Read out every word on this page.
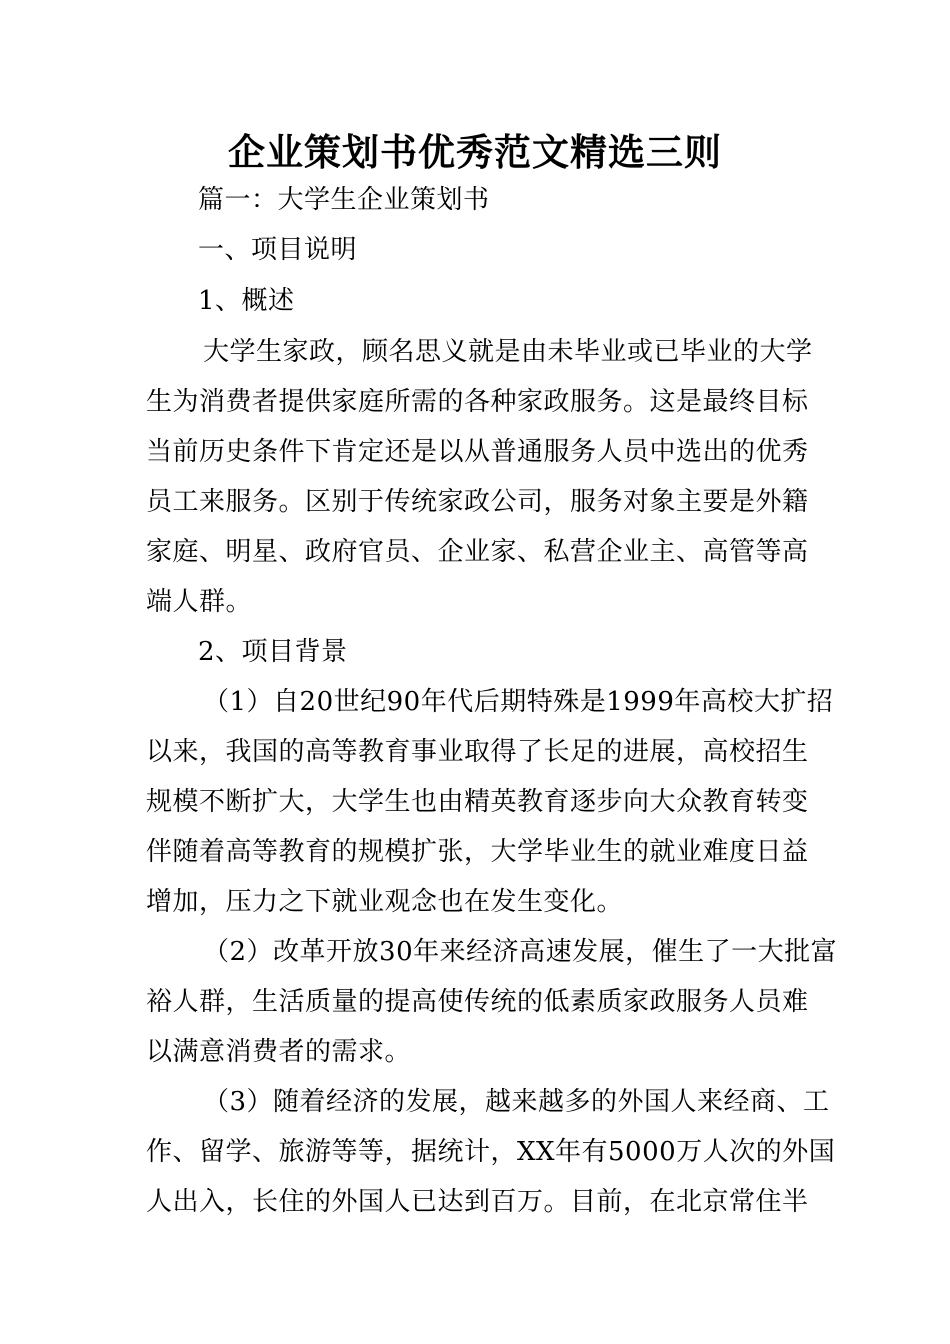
企业策划书优秀范文精选三则
篇一：大学生企业策划书
一、项目说明
1、概述
大学生家政，顾名思义就是由未毕业或已毕业的大学
生为消费者提供家庭所需的各种家政服务。这是最终目标
当前历史条件下肯定还是以从普通服务人员中选出的优秀
员工来服务。区别于传统家政公司，服务对象主要是外籍
家庭、明星、政府官员、企业家、私营企业主、高管等高
端人群。
2、项目背景
（1）自20世纪90年代后期特殊是1999年高校大扩招
以来，我国的高等教育事业取得了长足的进展，高校招生
规模不断扩大，大学生也由精英教育逐步向大众教育转变
伴随着高等教育的规模扩张，大学毕业生的就业难度日益
增加，压力之下就业观念也在发生变化。
（2）改革开放30年来经济高速发展，催生了一大批富
裕人群，生活质量的提高使传统的低素质家政服务人员难
以满意消费者的需求。
（3）随着经济的发展，越来越多的外国人来经商、工
作、留学、旅游等等，据统计，XX年有5000万人次的外国
人出入，长住的外国人已达到百万。目前，在北京常住半
